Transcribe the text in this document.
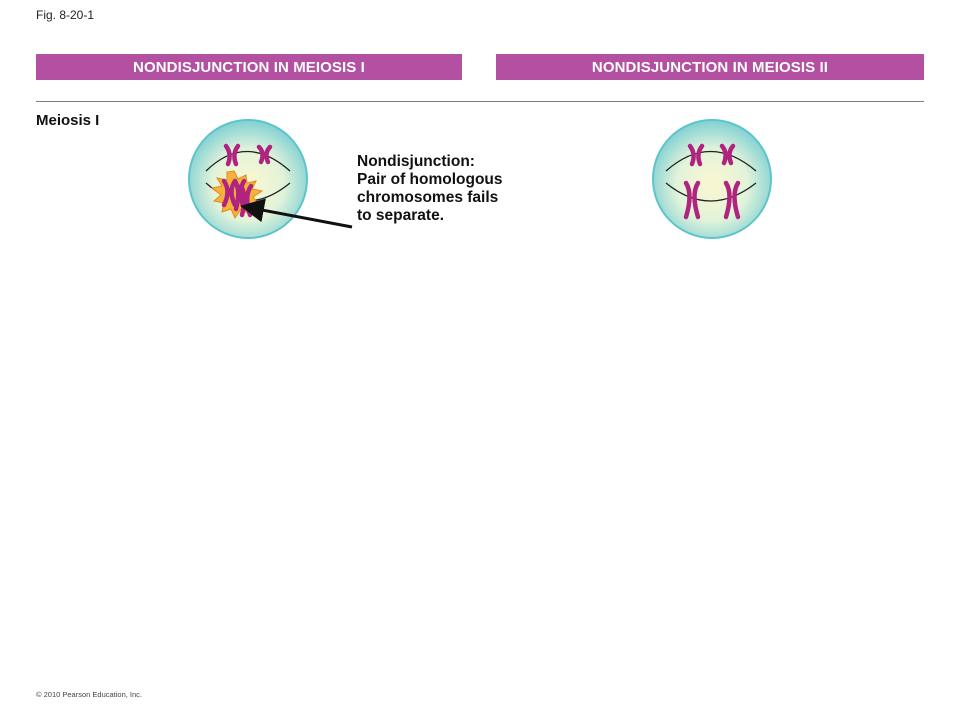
Fig. 8-20-1
NONDISJUNCTION IN MEIOSIS I	NONDISJUNCTION IN MEIOSIS II
Meiosis I
Nondisjunction:
Pair of homologous
chromosomes fails
to separate.
© 2010 Pearson Education, Inc.
